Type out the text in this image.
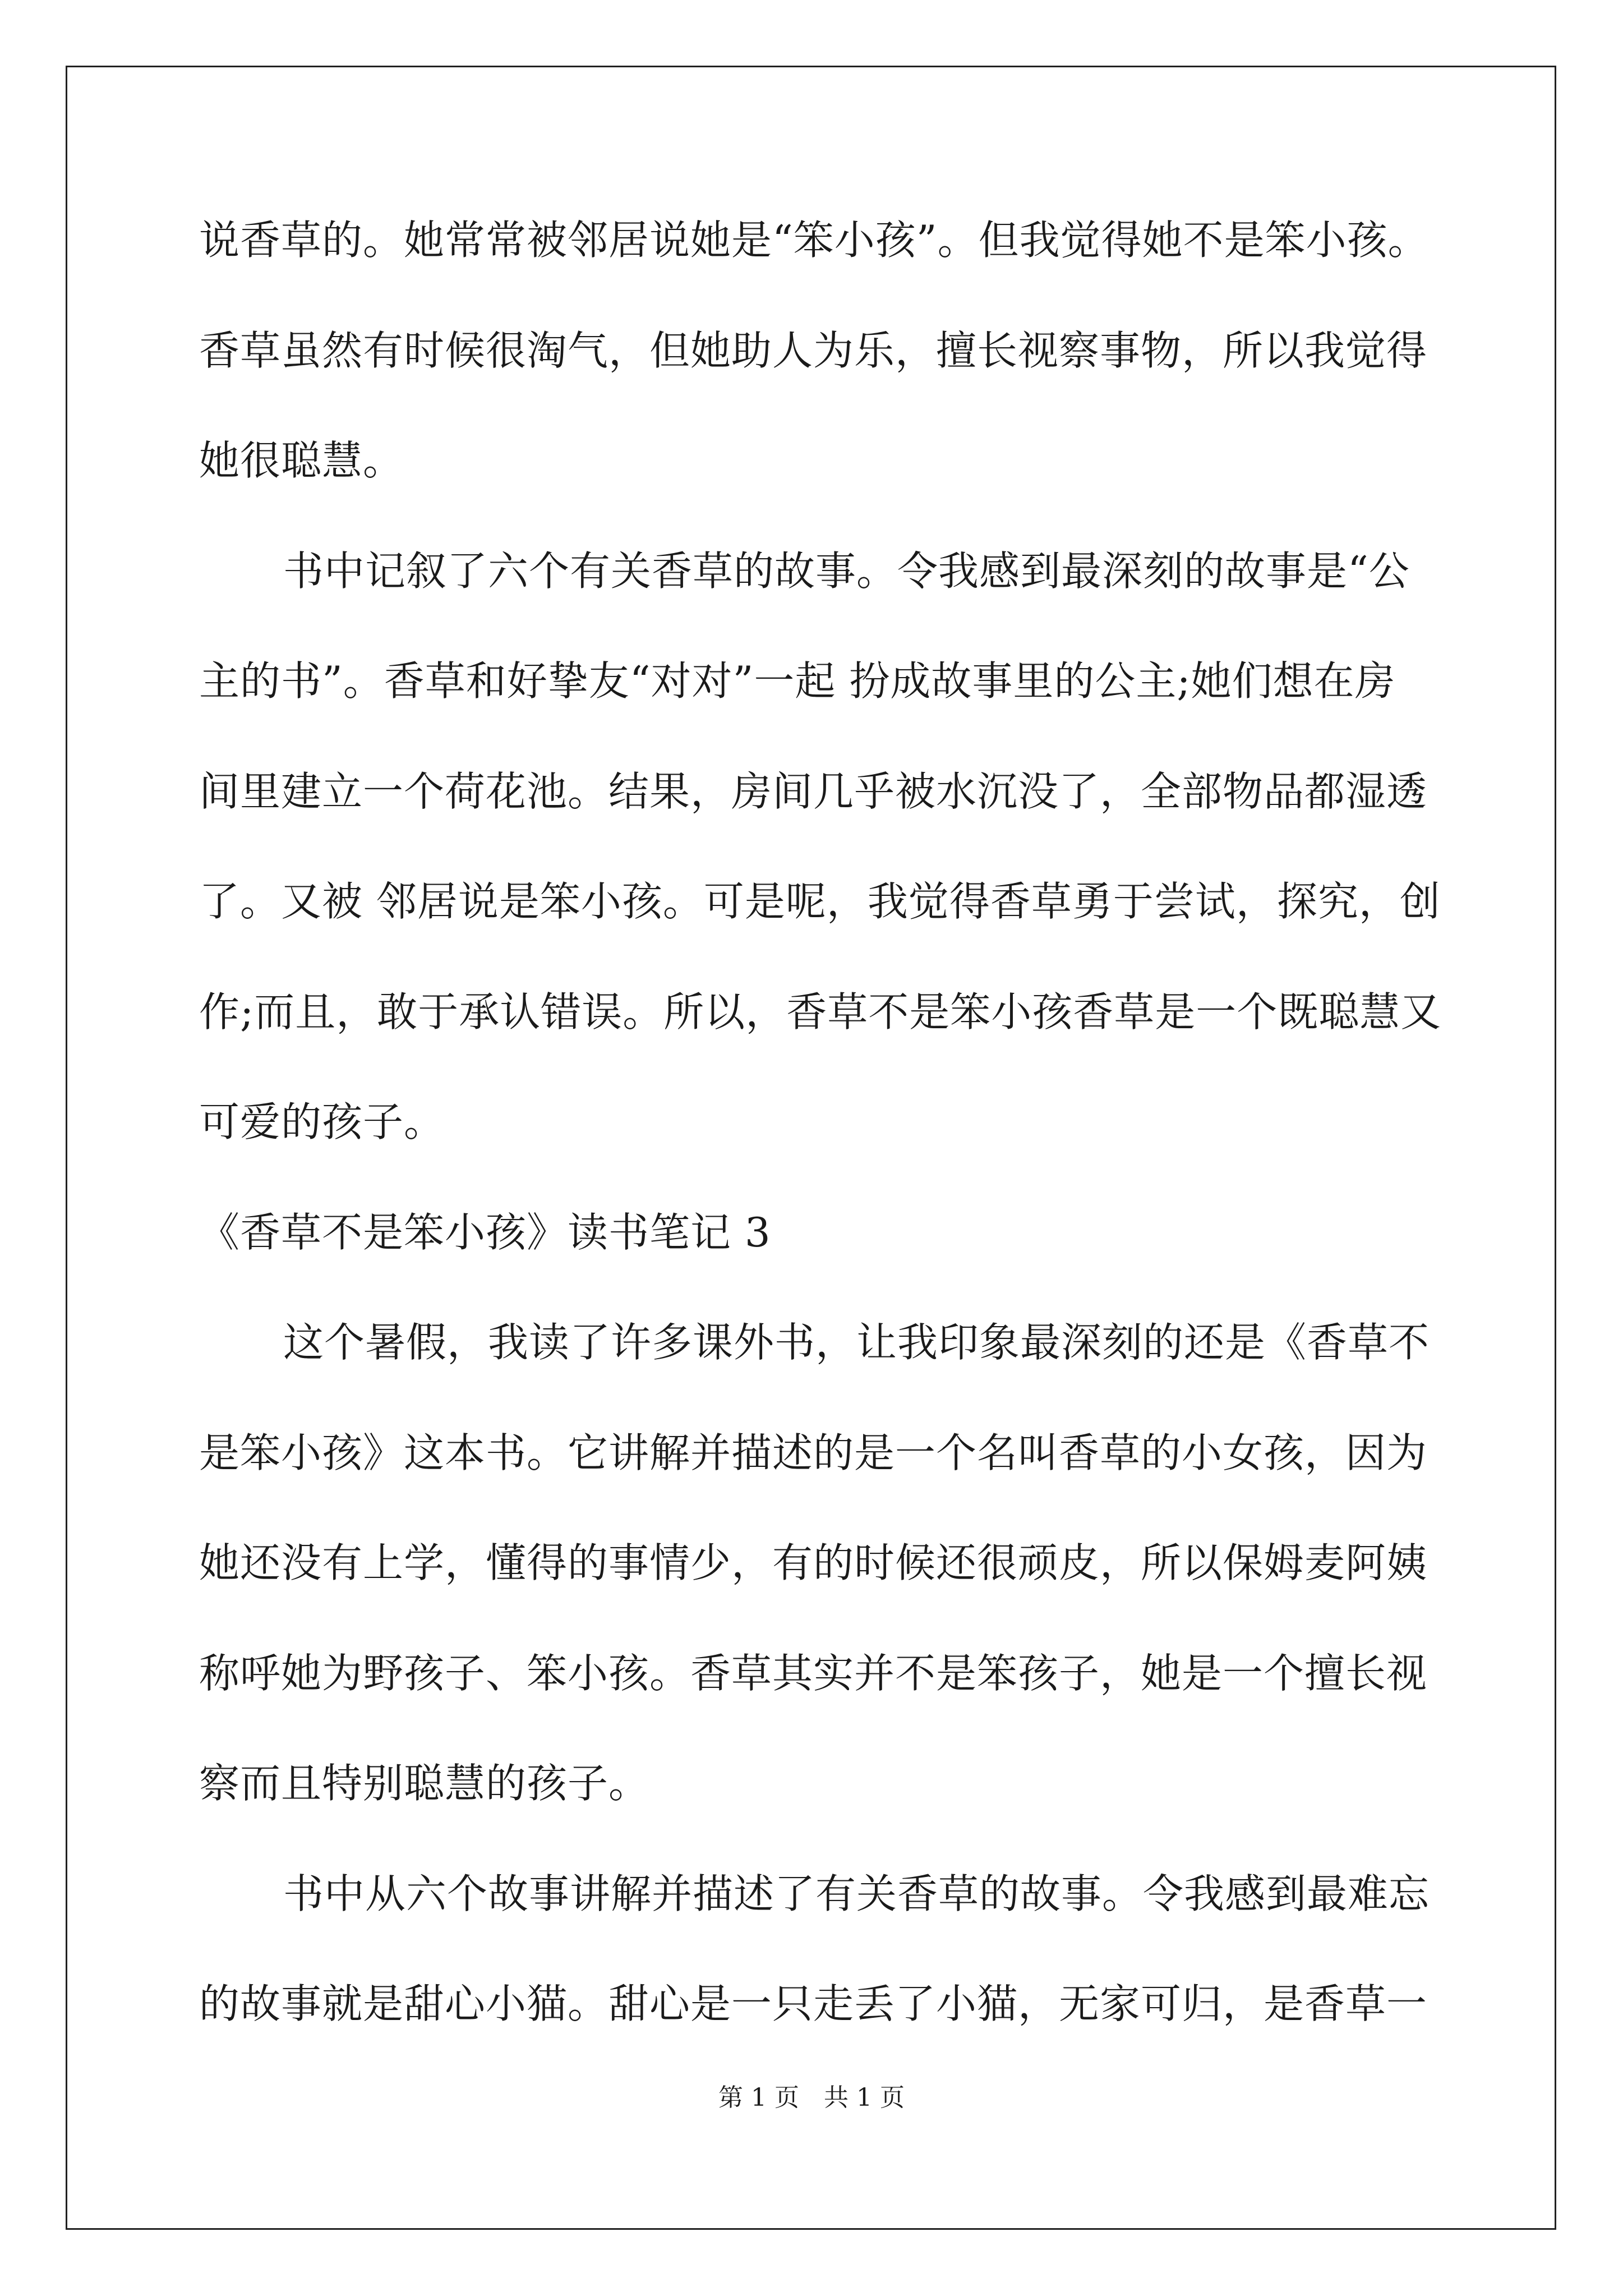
说香草的。她常常被邻居说她是“笨小孩”。但我觉得她不是笨小孩。
香草虽然有时候很淘气，但她助人为乐，擅长视察事物，所以我觉得
她很聪慧。
书中记叙了六个有关香草的故事。令我感到最深刻的故事是“公
主的书”。香草和好挚友“对对”一起 扮成故事里的公主;她们想在房
间里建立一个荷花池。结果，房间几乎被水沉没了，全部物品都湿透
了。又被 邻居说是笨小孩。可是呢，我觉得香草勇于尝试，探究，创
作;而且，敢于承认错误。所以，香草不是笨小孩香草是一个既聪慧又
可爱的孩子。
《香草不是笨小孩》读书笔记 3
这个暑假，我读了许多课外书，让我印象最深刻的还是《香草不
是笨小孩》这本书。它讲解并描述的是一个名叫香草的小女孩，因为
她还没有上学，懂得的事情少，有的时候还很顽皮，所以保姆麦阿姨
称呼她为野孩子、笨小孩。香草其实并不是笨孩子，她是一个擅长视
察而且特别聪慧的孩子。
书中从六个故事讲解并描述了有关香草的故事。令我感到最难忘
的故事就是甜心小猫。甜心是一只走丢了小猫，无家可归，是香草一
第 1 页　共 1 页
